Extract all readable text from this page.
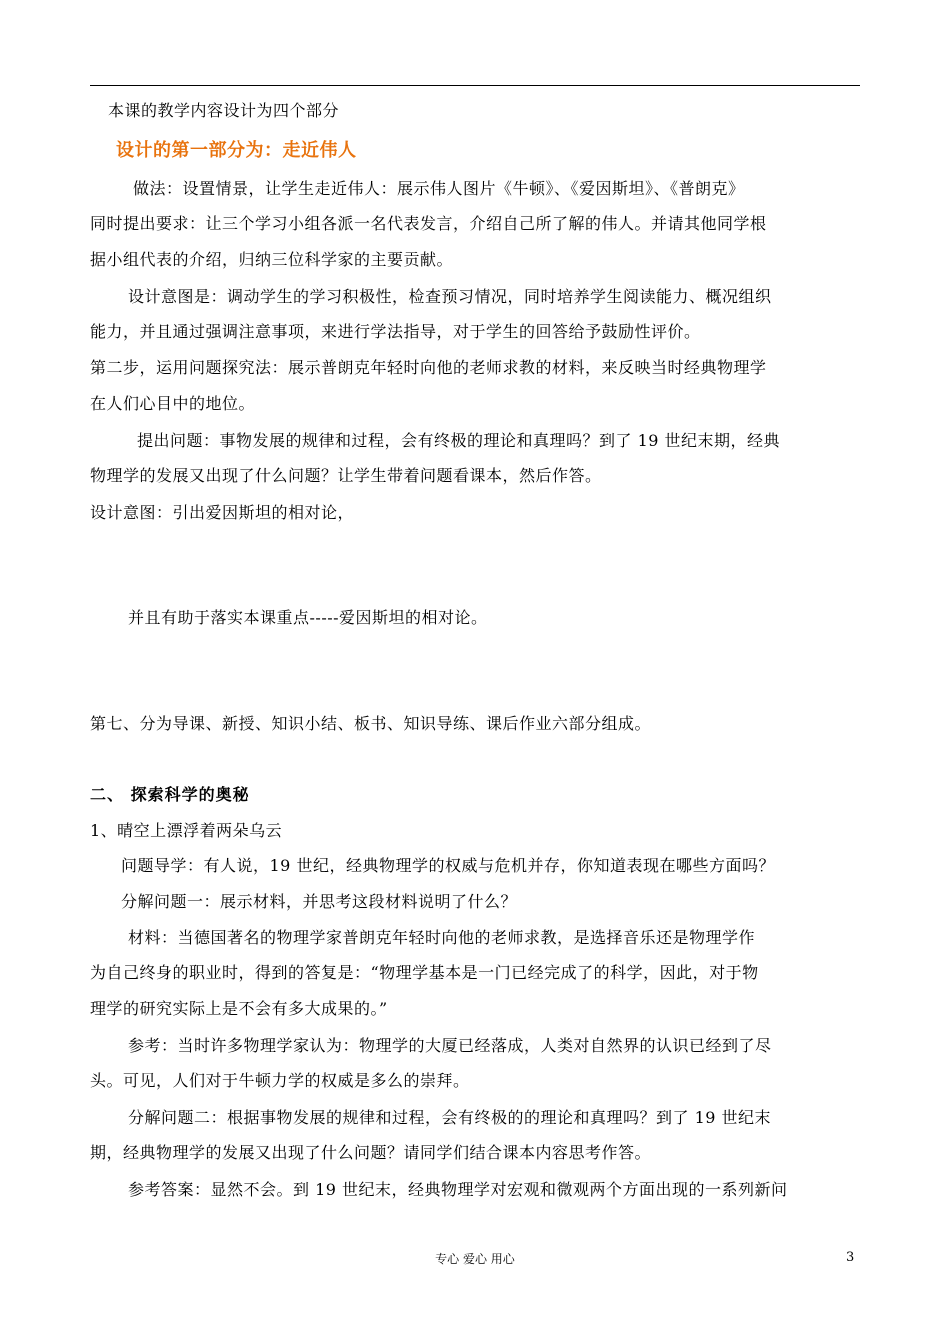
本课的教学内容设计为四个部分
设计的第一部分为：走近伟人
做法：设置情景，让学生走近伟人：展示伟人图片《牛顿》、《爱因斯坦》、《普朗克》
同时提出要求：让三个学习小组各派一名代表发言，介绍自己所了解的伟人。并请其他同学根
据小组代表的介绍，归纳三位科学家的主要贡献。
设计意图是：调动学生的学习积极性，检查预习情况，同时培养学生阅读能力、概况组织
能力，并且通过强调注意事项，来进行学法指导，对于学生的回答给予鼓励性评价。
第二步，运用问题探究法：展示普朗克年轻时向他的老师求教的材料，来反映当时经典物理学
在人们心目中的地位。
提出问题：事物发展的规律和过程，会有终极的理论和真理吗？到了 19 世纪末期，经典
物理学的发展又出现了什么问题？让学生带着问题看课本，然后作答。
设计意图：引出爱因斯坦的相对论，
并且有助于落实本课重点-----爱因斯坦的相对论。
第七、分为导课、新授、知识小结、板书、知识导练、课后作业六部分组成。
二、 探索科学的奥秘
1、晴空上漂浮着两朵乌云
问题导学：有人说，19 世纪，经典物理学的权威与危机并存，你知道表现在哪些方面吗？
分解问题一：展示材料，并思考这段材料说明了什么？
材料：当德国著名的物理学家普朗克年轻时向他的老师求教，是选择音乐还是物理学作
为自己终身的职业时，得到的答复是：“物理学基本是一门已经完成了的科学，因此，对于物
理学的研究实际上是不会有多大成果的。”
参考：当时许多物理学家认为：物理学的大厦已经落成，人类对自然界的认识已经到了尽
头。可见，人们对于牛顿力学的权威是多么的崇拜。
分解问题二：根据事物发展的规律和过程，会有终极的的理论和真理吗？到了 19 世纪末
期，经典物理学的发展又出现了什么问题？请同学们结合课本内容思考作答。
参考答案：显然不会。到 19 世纪末，经典物理学对宏观和微观两个方面出现的一系列新问
专心 爱心 用心	3
